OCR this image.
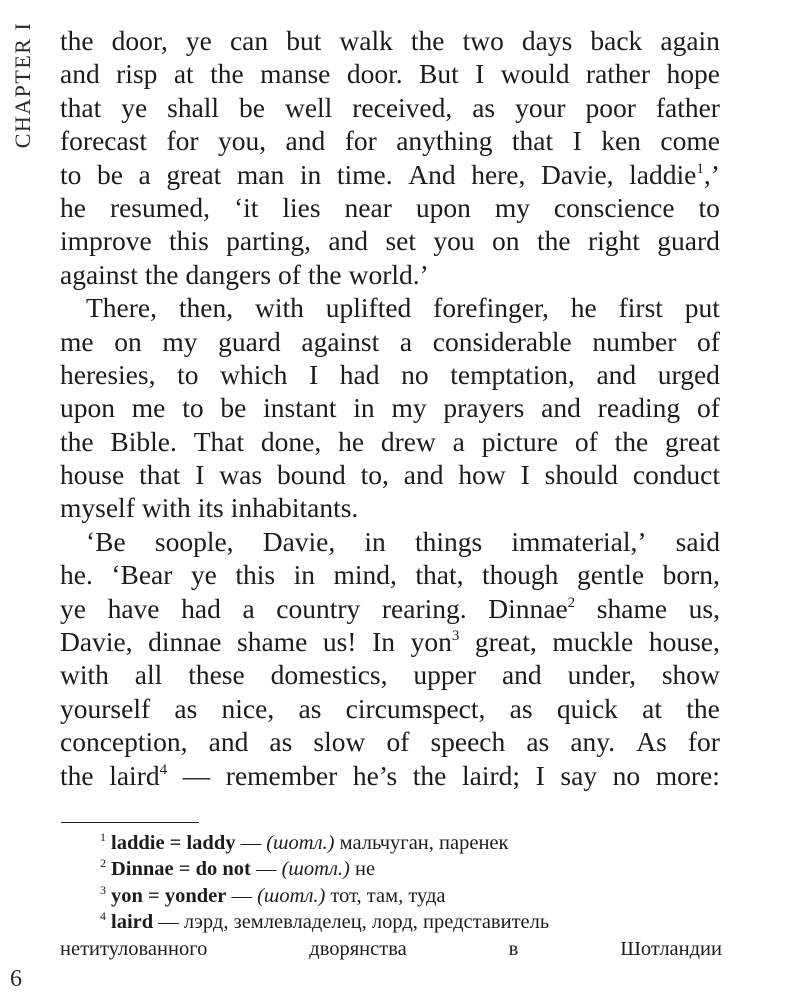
CHAPTER I the door, ye can but walk the two days back again
and risp at the manse door. But I would rather hope
that ye shall be well received, as your poor father
forecast for you, and for anything that I ken come
to be a great man in time. And here, Davie, laddie$^1$,’
he resumed, ‘it lies near upon my conscience to
improve this parting, and set you on the right guard
against the dangers of the world.’
There, then, with uplifted forefinger, he first put
me on my guard against a considerable number of
heresies, to which I had no temptation, and urged
upon me to be instant in my prayers and reading of
the Bible. That done, he drew a picture of the great
house that I was bound to, and how I should conduct
myself with its inhabitants.
‘Be soople, Davie, in things immaterial,’ said
he. ‘Bear ye this in mind, that, though gentle born,
ye have had a country rearing. Dinnae$^2$ shame us,
Davie, dinnae shame us! In yon$^3$ great, muckle house,
with all these domestics, upper and under, show
yourself as nice, as circumspect, as quick at the
conception, and as slow of speech as any. As for
the laird$^4$ — remember he’s the laird; I say no more:
$^1$ laddie = laddy — (шотл.) мальчуган, паренек
$^2$ Dinnae = do not — (шотл.) не
$^3$ yon = yonder — (шотл.) тот, там, туда
$^4$ laird — лэрд, землевладелец, лорд, представитель
нетитулованного	дворянства	в	Шотландии
6
